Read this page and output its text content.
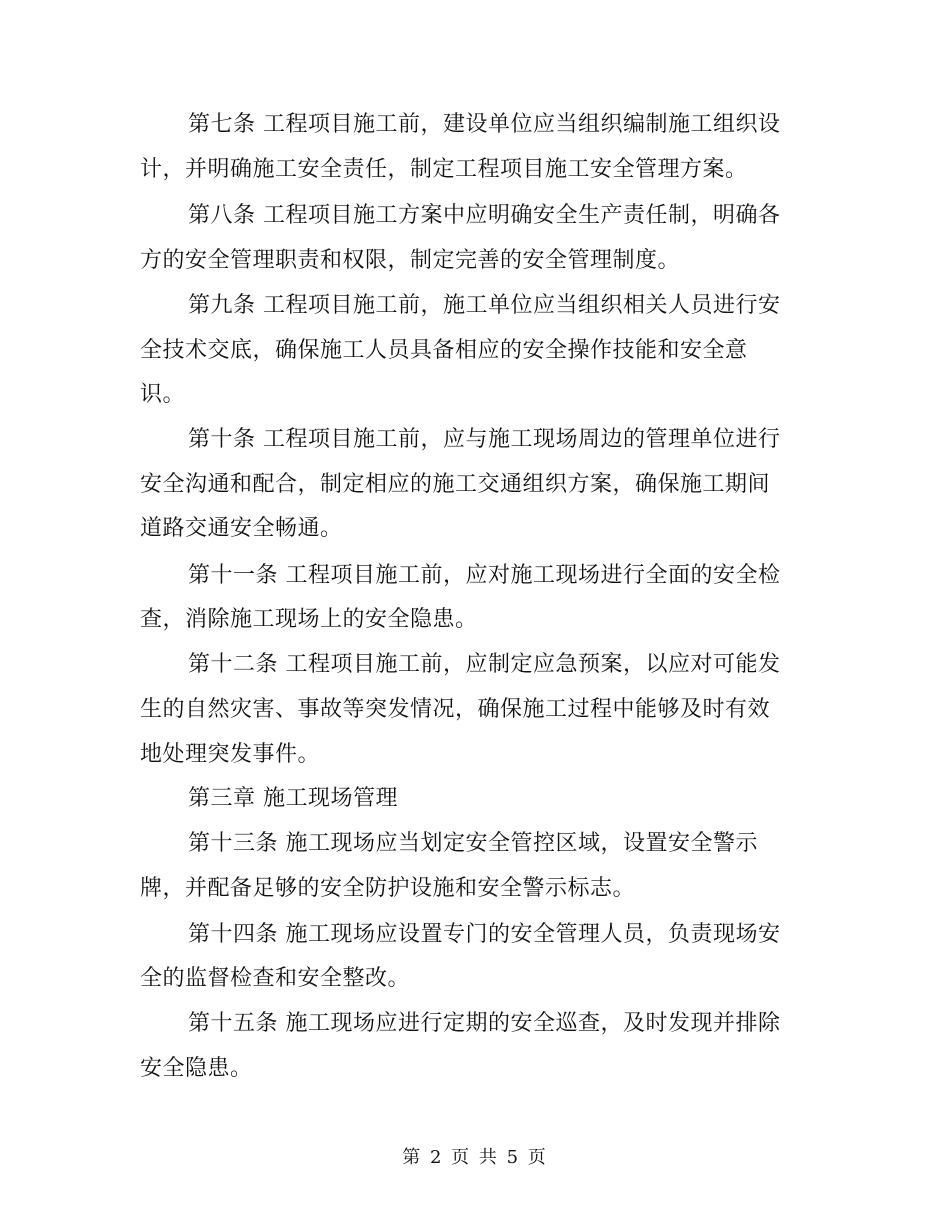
第七条 工程项目施工前，建设单位应当组织编制施工组织设
计，并明确施工安全责任，制定工程项目施工安全管理方案。
第八条 工程项目施工方案中应明确安全生产责任制，明确各
方的安全管理职责和权限，制定完善的安全管理制度。
第九条 工程项目施工前，施工单位应当组织相关人员进行安
全技术交底，确保施工人员具备相应的安全操作技能和安全意
识。
第十条 工程项目施工前，应与施工现场周边的管理单位进行
安全沟通和配合，制定相应的施工交通组织方案，确保施工期间
道路交通安全畅通。
第十一条 工程项目施工前，应对施工现场进行全面的安全检
查，消除施工现场上的安全隐患。
第十二条 工程项目施工前，应制定应急预案，以应对可能发
生的自然灾害、事故等突发情况，确保施工过程中能够及时有效
地处理突发事件。
第三章 施工现场管理
第十三条 施工现场应当划定安全管控区域，设置安全警示
牌，并配备足够的安全防护设施和安全警示标志。
第十四条 施工现场应设置专门的安全管理人员，负责现场安
全的监督检查和安全整改。
第十五条 施工现场应进行定期的安全巡查，及时发现并排除
安全隐患。
第 2 页 共 5 页
